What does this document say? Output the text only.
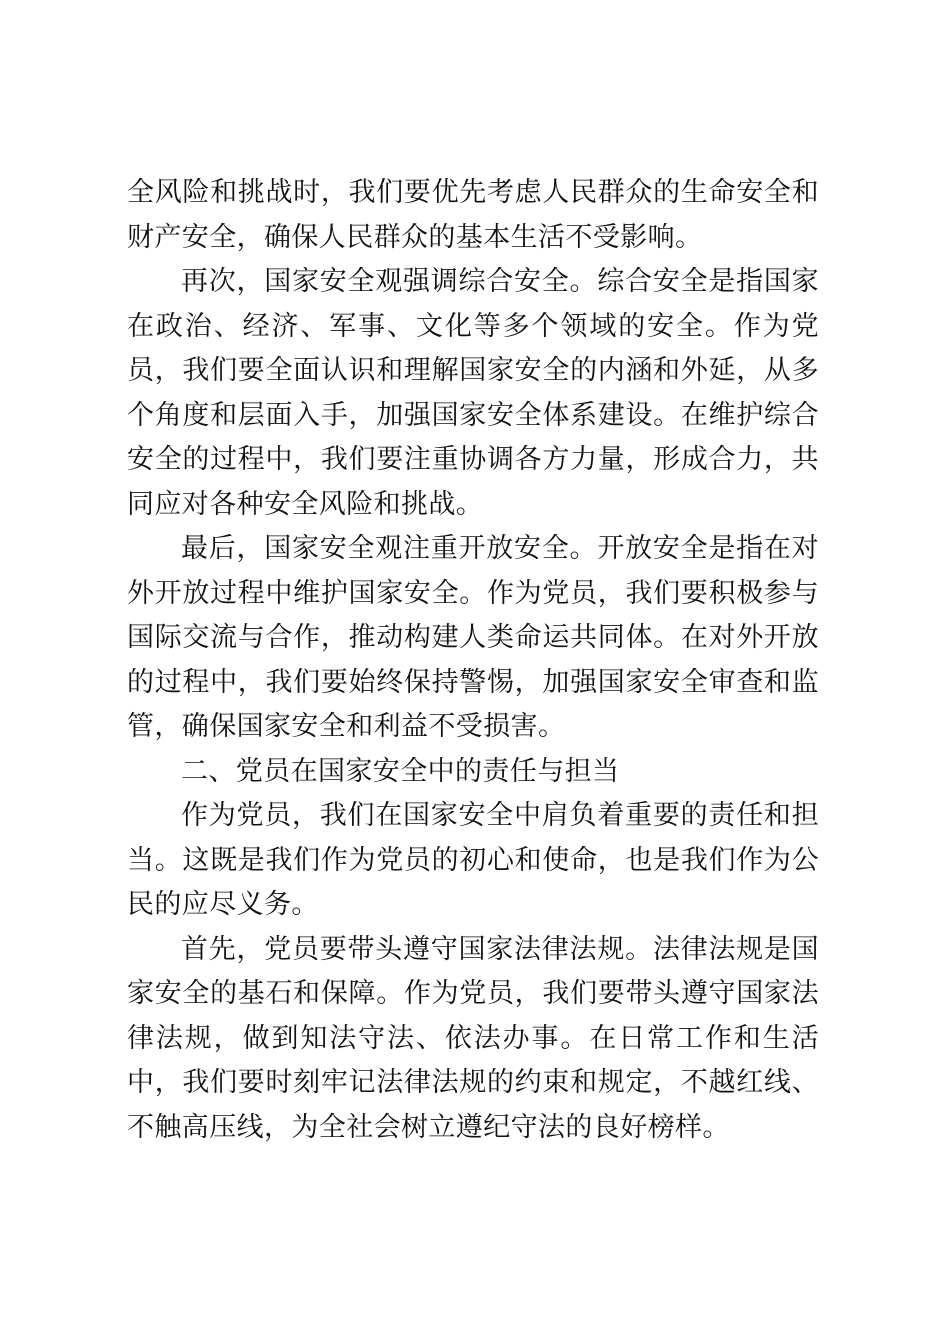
全风险和挑战时，我们要优先考虑人民群众的生命安全和财产安全，确保人民群众的基本生活不受影响。

再次，国家安全观强调综合安全。综合安全是指国家在政治、经济、军事、文化等多个领域的安全。作为党员，我们要全面认识和理解国家安全的内涵和外延，从多个角度和层面入手，加强国家安全体系建设。在维护综合安全的过程中，我们要注重协调各方力量，形成合力，共同应对各种安全风险和挑战。

最后，国家安全观注重开放安全。开放安全是指在对外开放过程中维护国家安全。作为党员，我们要积极参与国际交流与合作，推动构建人类命运共同体。在对外开放的过程中，我们要始终保持警惕，加强国家安全审查和监管，确保国家安全和利益不受损害。

二、党员在国家安全中的责任与担当

作为党员，我们在国家安全中肩负着重要的责任和担当。这既是我们作为党员的初心和使命，也是我们作为公民的应尽义务。

首先，党员要带头遵守国家法律法规。法律法规是国家安全的基石和保障。作为党员，我们要带头遵守国家法律法规，做到知法守法、依法办事。在日常工作和生活中，我们要时刻牢记法律法规的约束和规定，不越红线、不触高压线，为全社会树立遵纪守法的良好榜样。
